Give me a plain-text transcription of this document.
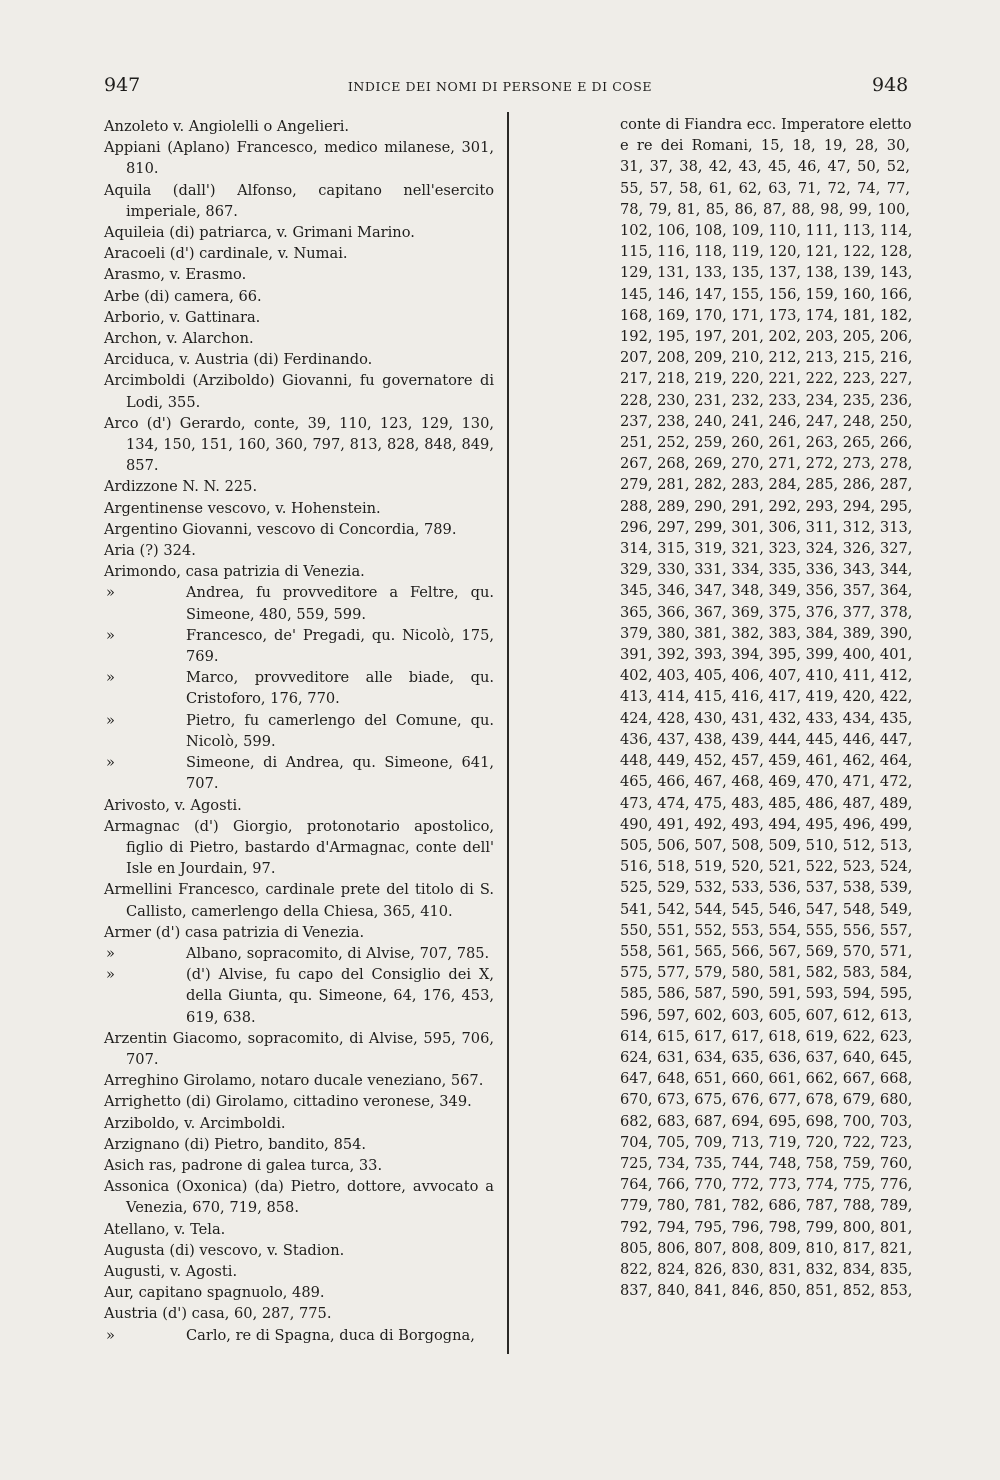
947	INDICE DEI NOMI DI PERSONE E DI COSE	948
Anzoleto v. Angiolelli o Angelieri.
Appiani (Aplano) Francesco, medico milanese, 301, 810.
Aquila (dall') Alfonso, capitano nell'esercito imperiale, 867.
Aquileia (di) patriarca, v. Grimani Marino.
Aracoeli (d') cardinale, v. Numai.
Arasmo, v. Erasmo.
Arbe (di) camera, 66.
Arborio, v. Gattinara.
Archon, v. Alarchon.
Arciduca, v. Austria (di) Ferdinando.
Arcimboldi (Arziboldo) Giovanni, fu governatore di Lodi, 355.
Arco (d') Gerardo, conte, 39, 110, 123, 129, 130, 134, 150, 151, 160, 360, 797, 813, 828, 848, 849, 857.
Ardizzone N. N. 225.
Argentinense vescovo, v. Hohenstein.
Argentino Giovanni, vescovo di Concordia, 789.
Aria (?) 324.
Arimondo, casa patrizia di Venezia.
»	Andrea, fu provveditore a Feltre, qu. Simeone, 480, 559, 599.
»	Francesco, de' Pregadi, qu. Nicolò, 175, 769.
»	Marco, provveditore alle biade, qu. Cristoforo, 176, 770.
»	Pietro, fu camerlengo del Comune, qu. Nicolò, 599.
»	Simeone, di Andrea, qu. Simeone, 641, 707.
Arivosto, v. Agosti.
Armagnac (d') Giorgio, protonotario apostolico, figlio di Pietro, bastardo d'Armagnac, conte dell' Isle en Jourdain, 97.
Armellini Francesco, cardinale prete del titolo di S. Callisto, camerlengo della Chiesa, 365, 410.
Armer (d') casa patrizia di Venezia.
»	Albano, sopracomito, di Alvise, 707, 785.
»	(d') Alvise, fu capo del Consiglio dei X, della Giunta, qu. Simeone, 64, 176, 453, 619, 638.
Arzentin Giacomo, sopracomito, di Alvise, 595, 706, 707.
Arreghino Girolamo, notaro ducale veneziano, 567.
Arrighetto (di) Girolamo, cittadino veronese, 349.
Arziboldo, v. Arcimboldi.
Arzignano (di) Pietro, bandito, 854.
Asich ras, padrone di galea turca, 33.
Assonica (Oxonica) (da) Pietro, dottore, avvocato a Venezia, 670, 719, 858.
Atellano, v. Tela.
Augusta (di) vescovo, v. Stadion.
Augusti, v. Agosti.
Aur, capitano spagnuolo, 489.
Austria (d') casa, 60, 287, 775.
»	Carlo, re di Spagna, duca di Borgogna,
conte di Fiandra ecc. Imperatore eletto
e re dei Romani, 15, 18, 19, 28, 30,
31, 37, 38, 42, 43, 45, 46, 47, 50, 52,
55, 57, 58, 61, 62, 63, 71, 72, 74, 77,
78, 79, 81, 85, 86, 87, 88, 98, 99, 100,
102, 106, 108, 109, 110, 111, 113, 114,
115, 116, 118, 119, 120, 121, 122, 128,
129, 131, 133, 135, 137, 138, 139, 143,
145, 146, 147, 155, 156, 159, 160, 166,
168, 169, 170, 171, 173, 174, 181, 182,
192, 195, 197, 201, 202, 203, 205, 206,
207, 208, 209, 210, 212, 213, 215, 216,
217, 218, 219, 220, 221, 222, 223, 227,
228, 230, 231, 232, 233, 234, 235, 236,
237, 238, 240, 241, 246, 247, 248, 250,
251, 252, 259, 260, 261, 263, 265, 266,
267, 268, 269, 270, 271, 272, 273, 278,
279, 281, 282, 283, 284, 285, 286, 287,
288, 289, 290, 291, 292, 293, 294, 295,
296, 297, 299, 301, 306, 311, 312, 313,
314, 315, 319, 321, 323, 324, 326, 327,
329, 330, 331, 334, 335, 336, 343, 344,
345, 346, 347, 348, 349, 356, 357, 364,
365, 366, 367, 369, 375, 376, 377, 378,
379, 380, 381, 382, 383, 384, 389, 390,
391, 392, 393, 394, 395, 399, 400, 401,
402, 403, 405, 406, 407, 410, 411, 412,
413, 414, 415, 416, 417, 419, 420, 422,
424, 428, 430, 431, 432, 433, 434, 435,
436, 437, 438, 439, 444, 445, 446, 447,
448, 449, 452, 457, 459, 461, 462, 464,
465, 466, 467, 468, 469, 470, 471, 472,
473, 474, 475, 483, 485, 486, 487, 489,
490, 491, 492, 493, 494, 495, 496, 499,
505, 506, 507, 508, 509, 510, 512, 513,
516, 518, 519, 520, 521, 522, 523, 524,
525, 529, 532, 533, 536, 537, 538, 539,
541, 542, 544, 545, 546, 547, 548, 549,
550, 551, 552, 553, 554, 555, 556, 557,
558, 561, 565, 566, 567, 569, 570, 571,
575, 577, 579, 580, 581, 582, 583, 584,
585, 586, 587, 590, 591, 593, 594, 595,
596, 597, 602, 603, 605, 607, 612, 613,
614, 615, 617, 617, 618, 619, 622, 623,
624, 631, 634, 635, 636, 637, 640, 645,
647, 648, 651, 660, 661, 662, 667, 668,
670, 673, 675, 676, 677, 678, 679, 680,
682, 683, 687, 694, 695, 698, 700, 703,
704, 705, 709, 713, 719, 720, 722, 723,
725, 734, 735, 744, 748, 758, 759, 760,
764, 766, 770, 772, 773, 774, 775, 776,
779, 780, 781, 782, 686, 787, 788, 789,
792, 794, 795, 796, 798, 799, 800, 801,
805, 806, 807, 808, 809, 810, 817, 821,
822, 824, 826, 830, 831, 832, 834, 835,
837, 840, 841, 846, 850, 851, 852, 853,
